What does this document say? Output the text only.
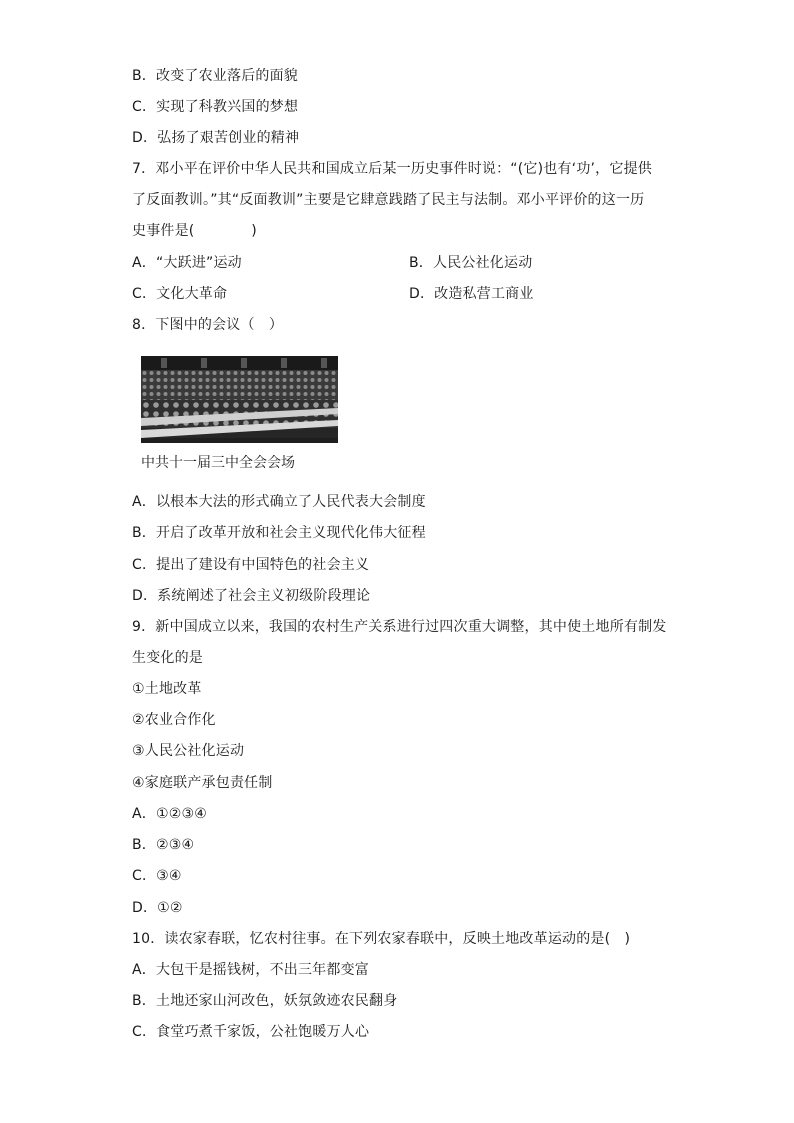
B．改变了农业落后的面貌
C．实现了科教兴国的梦想
D．弘扬了艰苦创业的精神
7．邓小平在评价中华人民共和国成立后某一历史事件时说：“(它)也有‘功’，它提供
了反面教训。”其“反面教训”主要是它肆意践踏了民主与法制。邓小平评价的这一历
史事件是(　　　　)
A．“大跃进”运动	B．人民公社化运动
C．文化大革命	D．改造私营工商业
8．下图中的会议（　）
中共十一届三中全会会场
A．以根本大法的形式确立了人民代表大会制度
B．开启了改革开放和社会主义现代化伟大征程
C．提出了建设有中国特色的社会主义
D．系统阐述了社会主义初级阶段理论
9．新中国成立以来，我国的农村生产关系进行过四次重大调整，其中使土地所有制发
生变化的是
①土地改革
②农业合作化
③人民公社化运动
④家庭联产承包责任制
A．①②③④
B．②③④
C．③④
D．①②
10．读农家春联，忆农村往事。在下列农家春联中，反映土地改革运动的是(　)
A．大包干是摇钱树，不出三年都变富
B．土地还家山河改色，妖氛敛迹农民翻身
C．食堂巧煮千家饭，公社饱暖万人心
